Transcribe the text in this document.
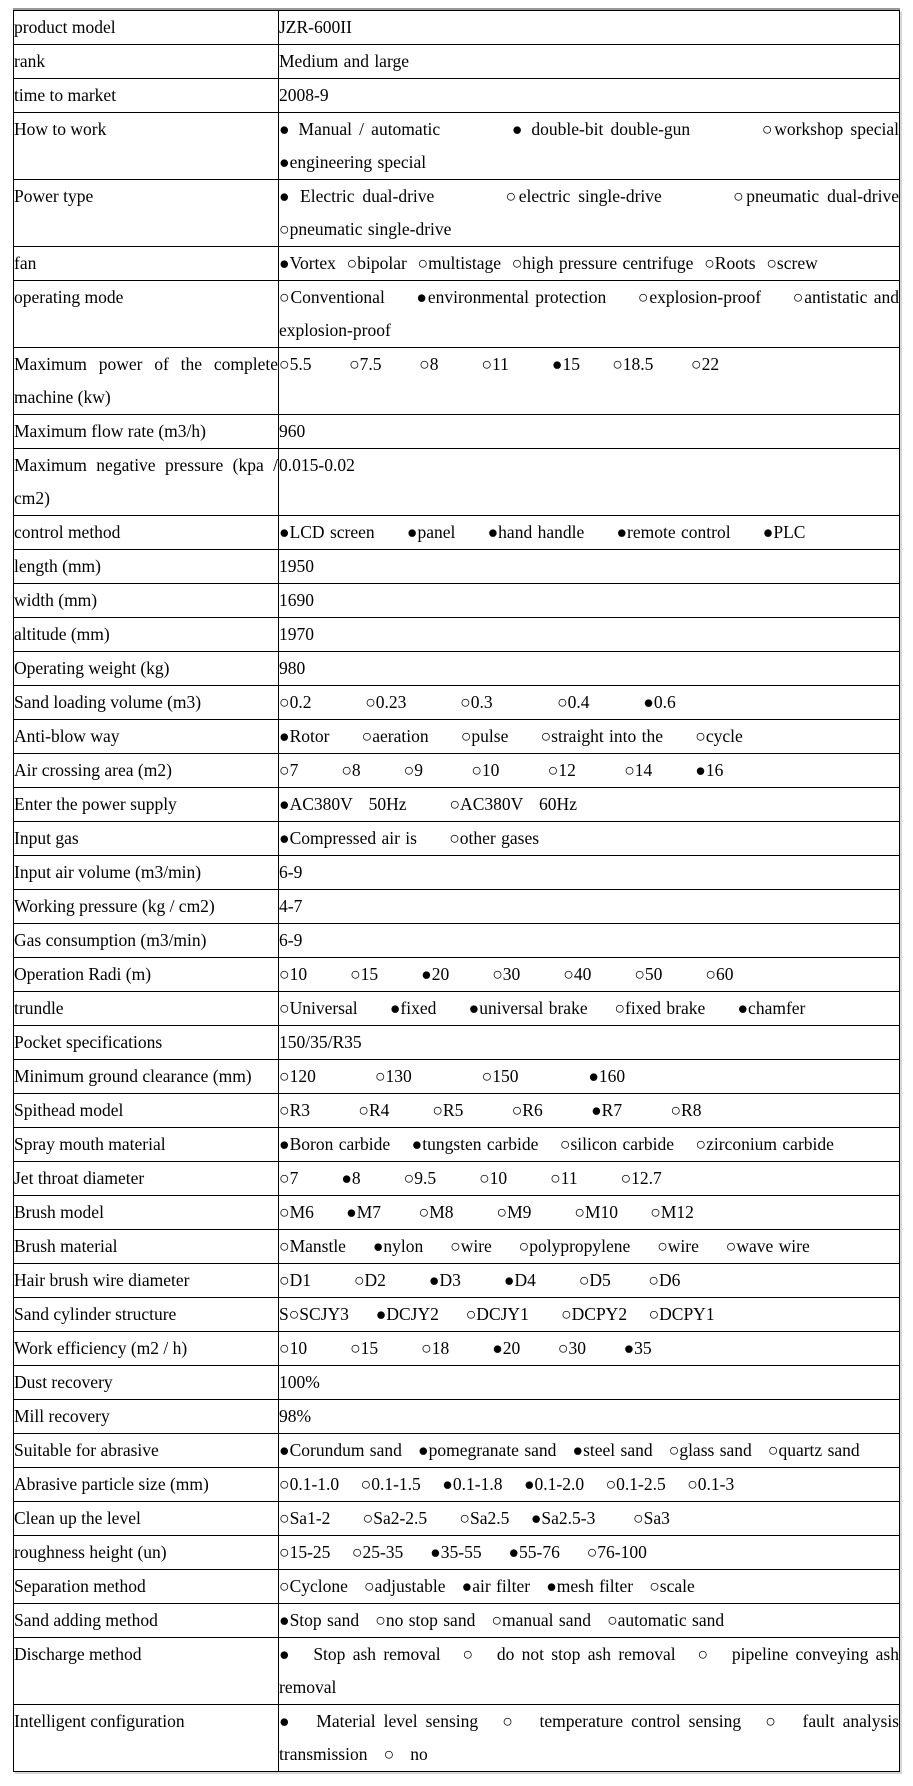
product model	JZR-600II
rank	Medium and large
time to market	2008-9
How to work	● Manual / automatic          ● double-bit double-gun          ○workshop special ●engineering special
Power type	● Electric dual-drive         ○electric single-drive         ○pneumatic dual-drive ○pneumatic single-drive
fan	●Vortex  ○bipolar  ○multistage  ○high pressure centrifuge  ○Roots  ○screw
operating mode	○Conventional     ●environmental protection     ○explosion-proof     ○antistatic and explosion-proof
Maximum power of the complete machine (kw)	○5.5       ○7.5       ○8        ○11        ●15      ○18.5       ○22
Maximum flow rate (m3/h)	960
Maximum negative pressure (kpa / cm2)	0.015-0.02
control method	●LCD screen      ●panel      ●hand handle      ●remote control      ●PLC
length (mm)	1950
width (mm)	1690
altitude (mm)	1970
Operating weight (kg)	980
Sand loading volume (m3)	○0.2          ○0.23          ○0.3            ○0.4          ●0.6
Anti-blow way	●Rotor      ○aeration      ○pulse      ○straight into the      ○cycle
Air crossing area (m2)	○7        ○8        ○9         ○10         ○12         ○14        ●16
Enter the power supply	●AC380V   50Hz        ○AC380V   60Hz
Input gas	●Compressed air is      ○other gases
Input air volume (m3/min)	6-9
Working pressure (kg / cm2)	4-7
Gas consumption (m3/min)	6-9
Operation Radi (m)	○10        ○15        ●20        ○30        ○40        ○50        ○60
trundle	○Universal      ●fixed      ●universal brake     ○fixed brake      ●chamfer
Pocket specifications	150/35/R35
Minimum ground clearance (mm)	○120           ○130             ○150             ●160
Spithead model	○R3         ○R4        ○R5         ○R6         ●R7         ○R8
Spray mouth material	●Boron carbide    ●tungsten carbide    ○silicon carbide    ○zirconium carbide
Jet throat diameter	○7        ●8        ○9.5        ○10        ○11        ○12.7
Brush model	○M6      ●M7       ○M8        ○M9        ○M10      ○M12
Brush material	○Manstle     ●nylon     ○wire     ○polypropylene     ○wire     ○wave wire
Hair brush wire diameter	○D1        ○D2        ●D3        ●D4        ○D5       ○D6
Sand cylinder structure	S○SCJY3     ●DCJY2     ○DCJY1      ○DCPY2    ○DCPY1
Work efficiency (m2 / h)	○10        ○15        ○18        ●20       ○30       ●35
Dust recovery	100%
Mill recovery	98%
Suitable for abrasive	●Corundum sand   ●pomegranate sand   ●steel sand   ○glass sand   ○quartz sand
Abrasive particle size (mm)	○0.1-1.0    ○0.1-1.5    ●0.1-1.8    ●0.1-2.0    ○0.1-2.5    ○0.1-3
Clean up the level	○Sa1-2      ○Sa2-2.5      ○Sa2.5    ●Sa2.5-3       ○Sa3
roughness height (un)	○15-25    ○25-35     ●35-55     ●55-76     ○76-100
Separation method	○Cyclone   ○adjustable   ●air filter   ●mesh filter   ○scale
Sand adding method	●Stop sand   ○no stop sand   ○manual sand   ○automatic sand
Discharge method	●   Stop ash removal   ○   do not stop ash removal   ○   pipeline conveying ash removal
Intelligent configuration	●   Material level sensing   ○   temperature control sensing   ○   fault analysis transmission   ○   no
